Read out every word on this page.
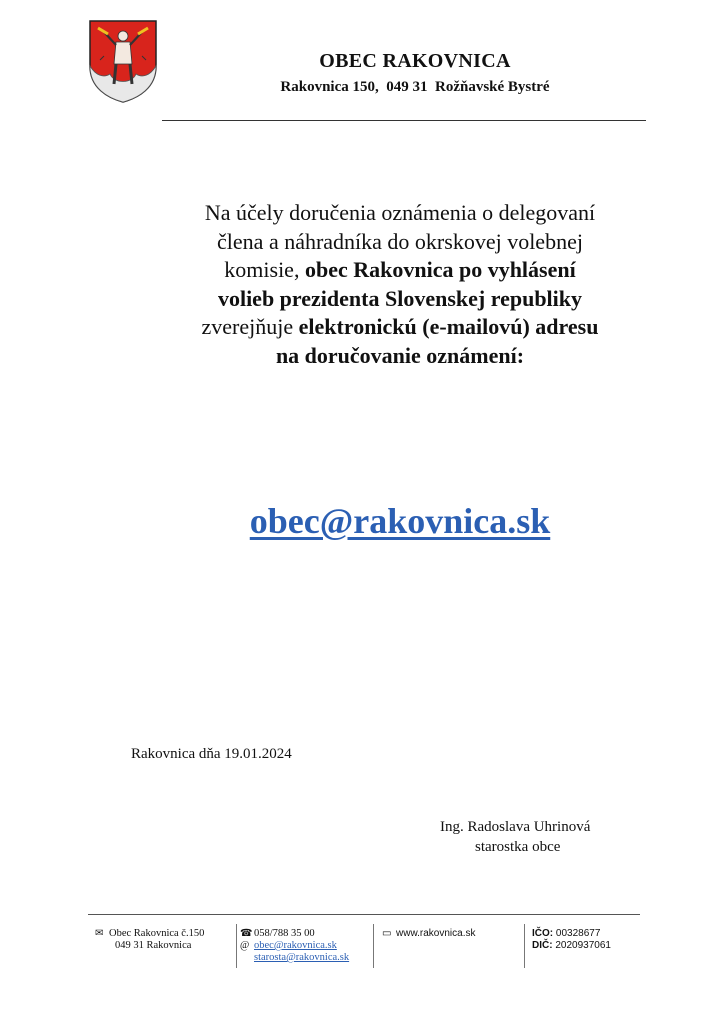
OBEC RAKOVNICA
Rakovnica 150,  049 31  Rožňavské Bystré
Na účely doručenia oznámenia o delegovaní
člena a náhradníka do okrskovej volebnej
komisie, obec Rakovnica po vyhlásení
volieb prezidenta Slovenskej republiky
zverejňuje elektronickú (e-mailovú) adresu
na doručovanie oznámení:
obec@rakovnica.sk
Rakovnica dňa 19.01.2024
Ing. Radoslava Uhrinová
starostka obce
✉ Obec Rakovnica č.150
049 31 Rakovnica
☎ 058/788 35 00
@ obec@rakovnica.sk
starosta@rakovnica.sk
▭ www.rakovnica.sk	IČO: 00328677
DIČ: 2020937061
